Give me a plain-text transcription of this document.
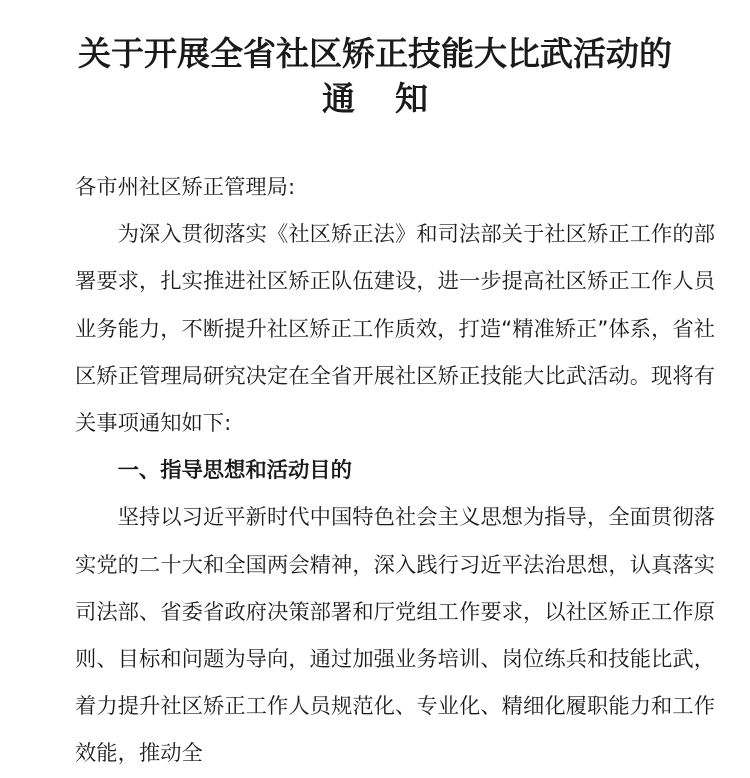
关于开展全省社区矫正技能大比武活动的
通知

各市州社区矫正管理局:

为深入贯彻落实《社区矫正法》和司法部关于社区矫正工作的部署要求，扎实推进社区矫正队伍建设，进一步提高社区矫正工作人员业务能力，不断提升社区矫正工作质效，打造“精准矫正”体系，省社区矫正管理局研究决定在全省开展社区矫正技能大比武活动。现将有关事项通知如下:

一、指导思想和活动目的

坚持以习近平新时代中国特色社会主义思想为指导，全面贯彻落实党的二十大和全国两会精神，深入践行习近平法治思想，认真落实司法部、省委省政府决策部署和厅党组工作要求，以社区矫正工作原则、目标和问题为导向，通过加强业务培训、岗位练兵和技能比武，着力提升社区矫正工作人员规范化、专业化、精细化履职能力和工作效能，推动全
